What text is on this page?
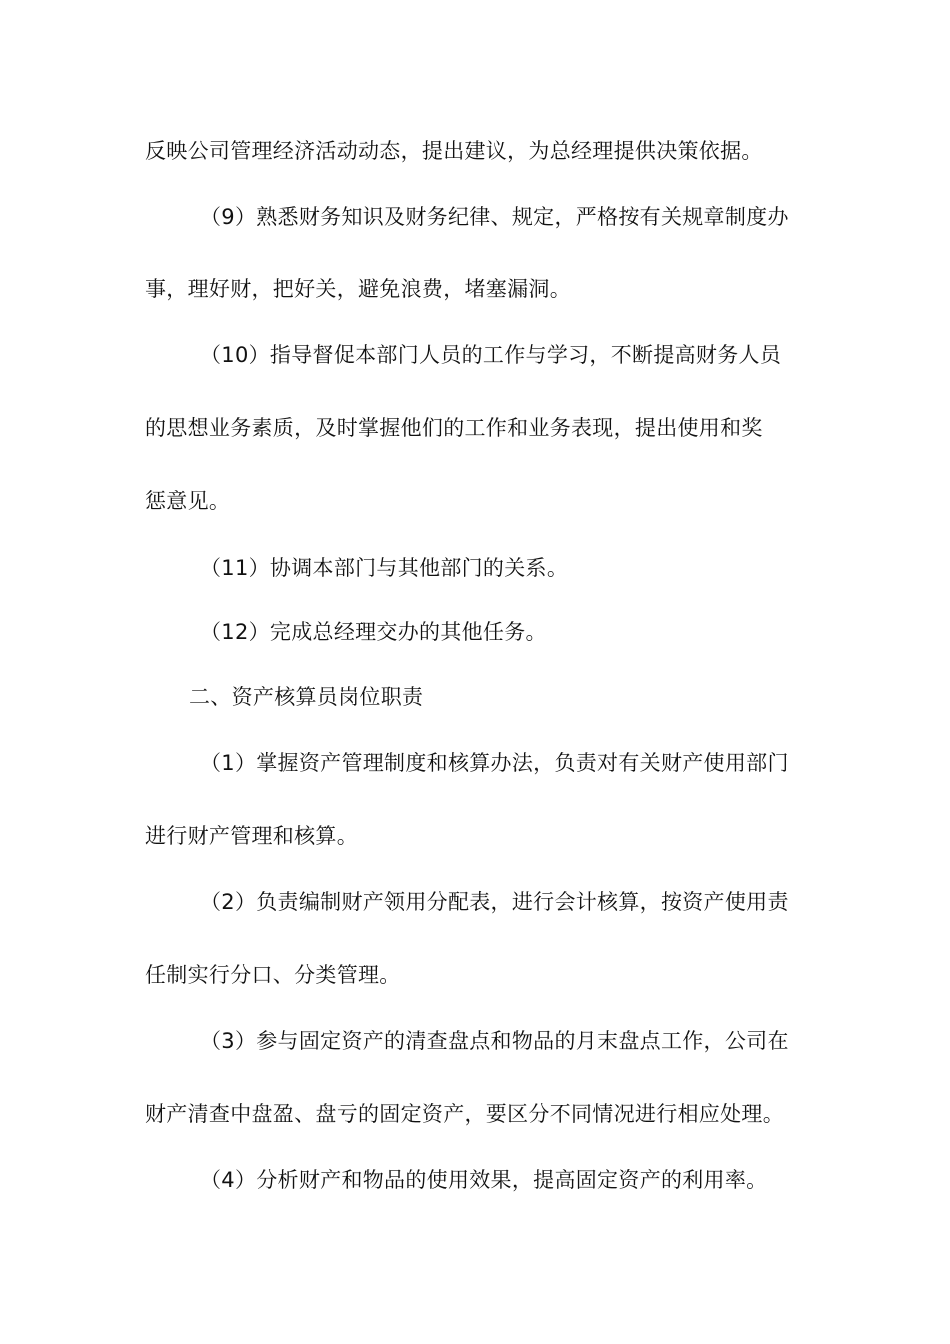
反映公司管理经济活动动态，提出建议，为总经理提供决策依据。
（9）熟悉财务知识及财务纪律、规定，严格按有关规章制度办
事，理好财，把好关，避免浪费，堵塞漏洞。
（10）指导督促本部门人员的工作与学习，不断提高财务人员
的思想业务素质，及时掌握他们的工作和业务表现，提出使用和奖
惩意见。
（11）协调本部门与其他部门的关系。
（12）完成总经理交办的其他任务。
二、资产核算员岗位职责
（1）掌握资产管理制度和核算办法，负责对有关财产使用部门
进行财产管理和核算。
（2）负责编制财产领用分配表，进行会计核算，按资产使用责
任制实行分口、分类管理。
（3）参与固定资产的清查盘点和物品的月末盘点工作，公司在
财产清查中盘盈、盘亏的固定资产，要区分不同情况进行相应处理。
（4）分析财产和物品的使用效果，提高固定资产的利用率。
